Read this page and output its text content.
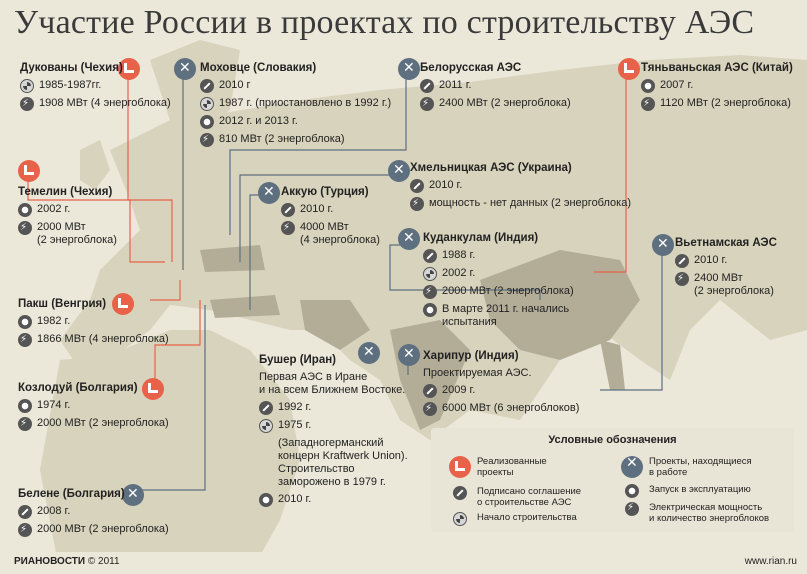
Участие России в проектах по строительству АЭС
Дукованы (Чехия)
1985-1987гг.
⚡
1908 МВт (4 энергоблока)
✕
Моховце (Словакия)
2010 г
1987 г. (приостановлено в 1992 г.)
2012 г. и 2013 г.
⚡
810 МВт (2 энергоблока)
✕
Белорусская АЭС
2011 г.
⚡
2400 МВт (2 энергоблока)
Тяньваньская АЭС (Китай)
2007 г.
⚡
1120 МВт (2 энергоблока)
✕
Хмельницкая АЭС (Украина)
2010 г.
⚡
мощность - нет данных (2 энергоблока)
Темелин (Чехия)
2002 г.
⚡
2000 МВт
(2 энергоблока)
✕
Аккую (Турция)
2010 г.
⚡
4000 МВт
(4 энергоблока)
✕	Куданкулам (Индия)
1988 г.
2002 г.
⚡
2000 МВт (2 энергоблока)
В марте 2011 г. начались
испытания
✕
Вьетнамская АЭС
2010 г.
⚡
2400 МВт
(2 энергоблока)
Пакш (Венгрия)
1982 г.
⚡
1866 МВт (4 энергоблока)
✕
Бушер (Иран)
Первая АЭС в Иране
и на всем Ближнем Востоке.
1992 г.
1975 г.
(Западногерманский
концерн Kraftwerk Union).
Строительство
заморожено в 1979 г.
2010 г.
✕
Харипур (Индия)
Проектируемая АЭС.
2009 г.
⚡
6000 МВт (6 энергоблоков)
Козлодуй (Болгария)
1974 г.
⚡
2000 МВт (2 энергоблока)
✕
Белене (Болгария)
2008 г.
⚡
2000 МВт (2 энергоблока)
Условные обозначения
Реализованные
проекты
Подписано соглашение
о строительстве АЭС
Начало строительства
✕
Проекты, находящиеся
в работе
Запуск в эксплуатацию
⚡
Электрическая мощность
и количество энергоблоков
РИАНОВОСТИ © 2011	www.rian.ru
